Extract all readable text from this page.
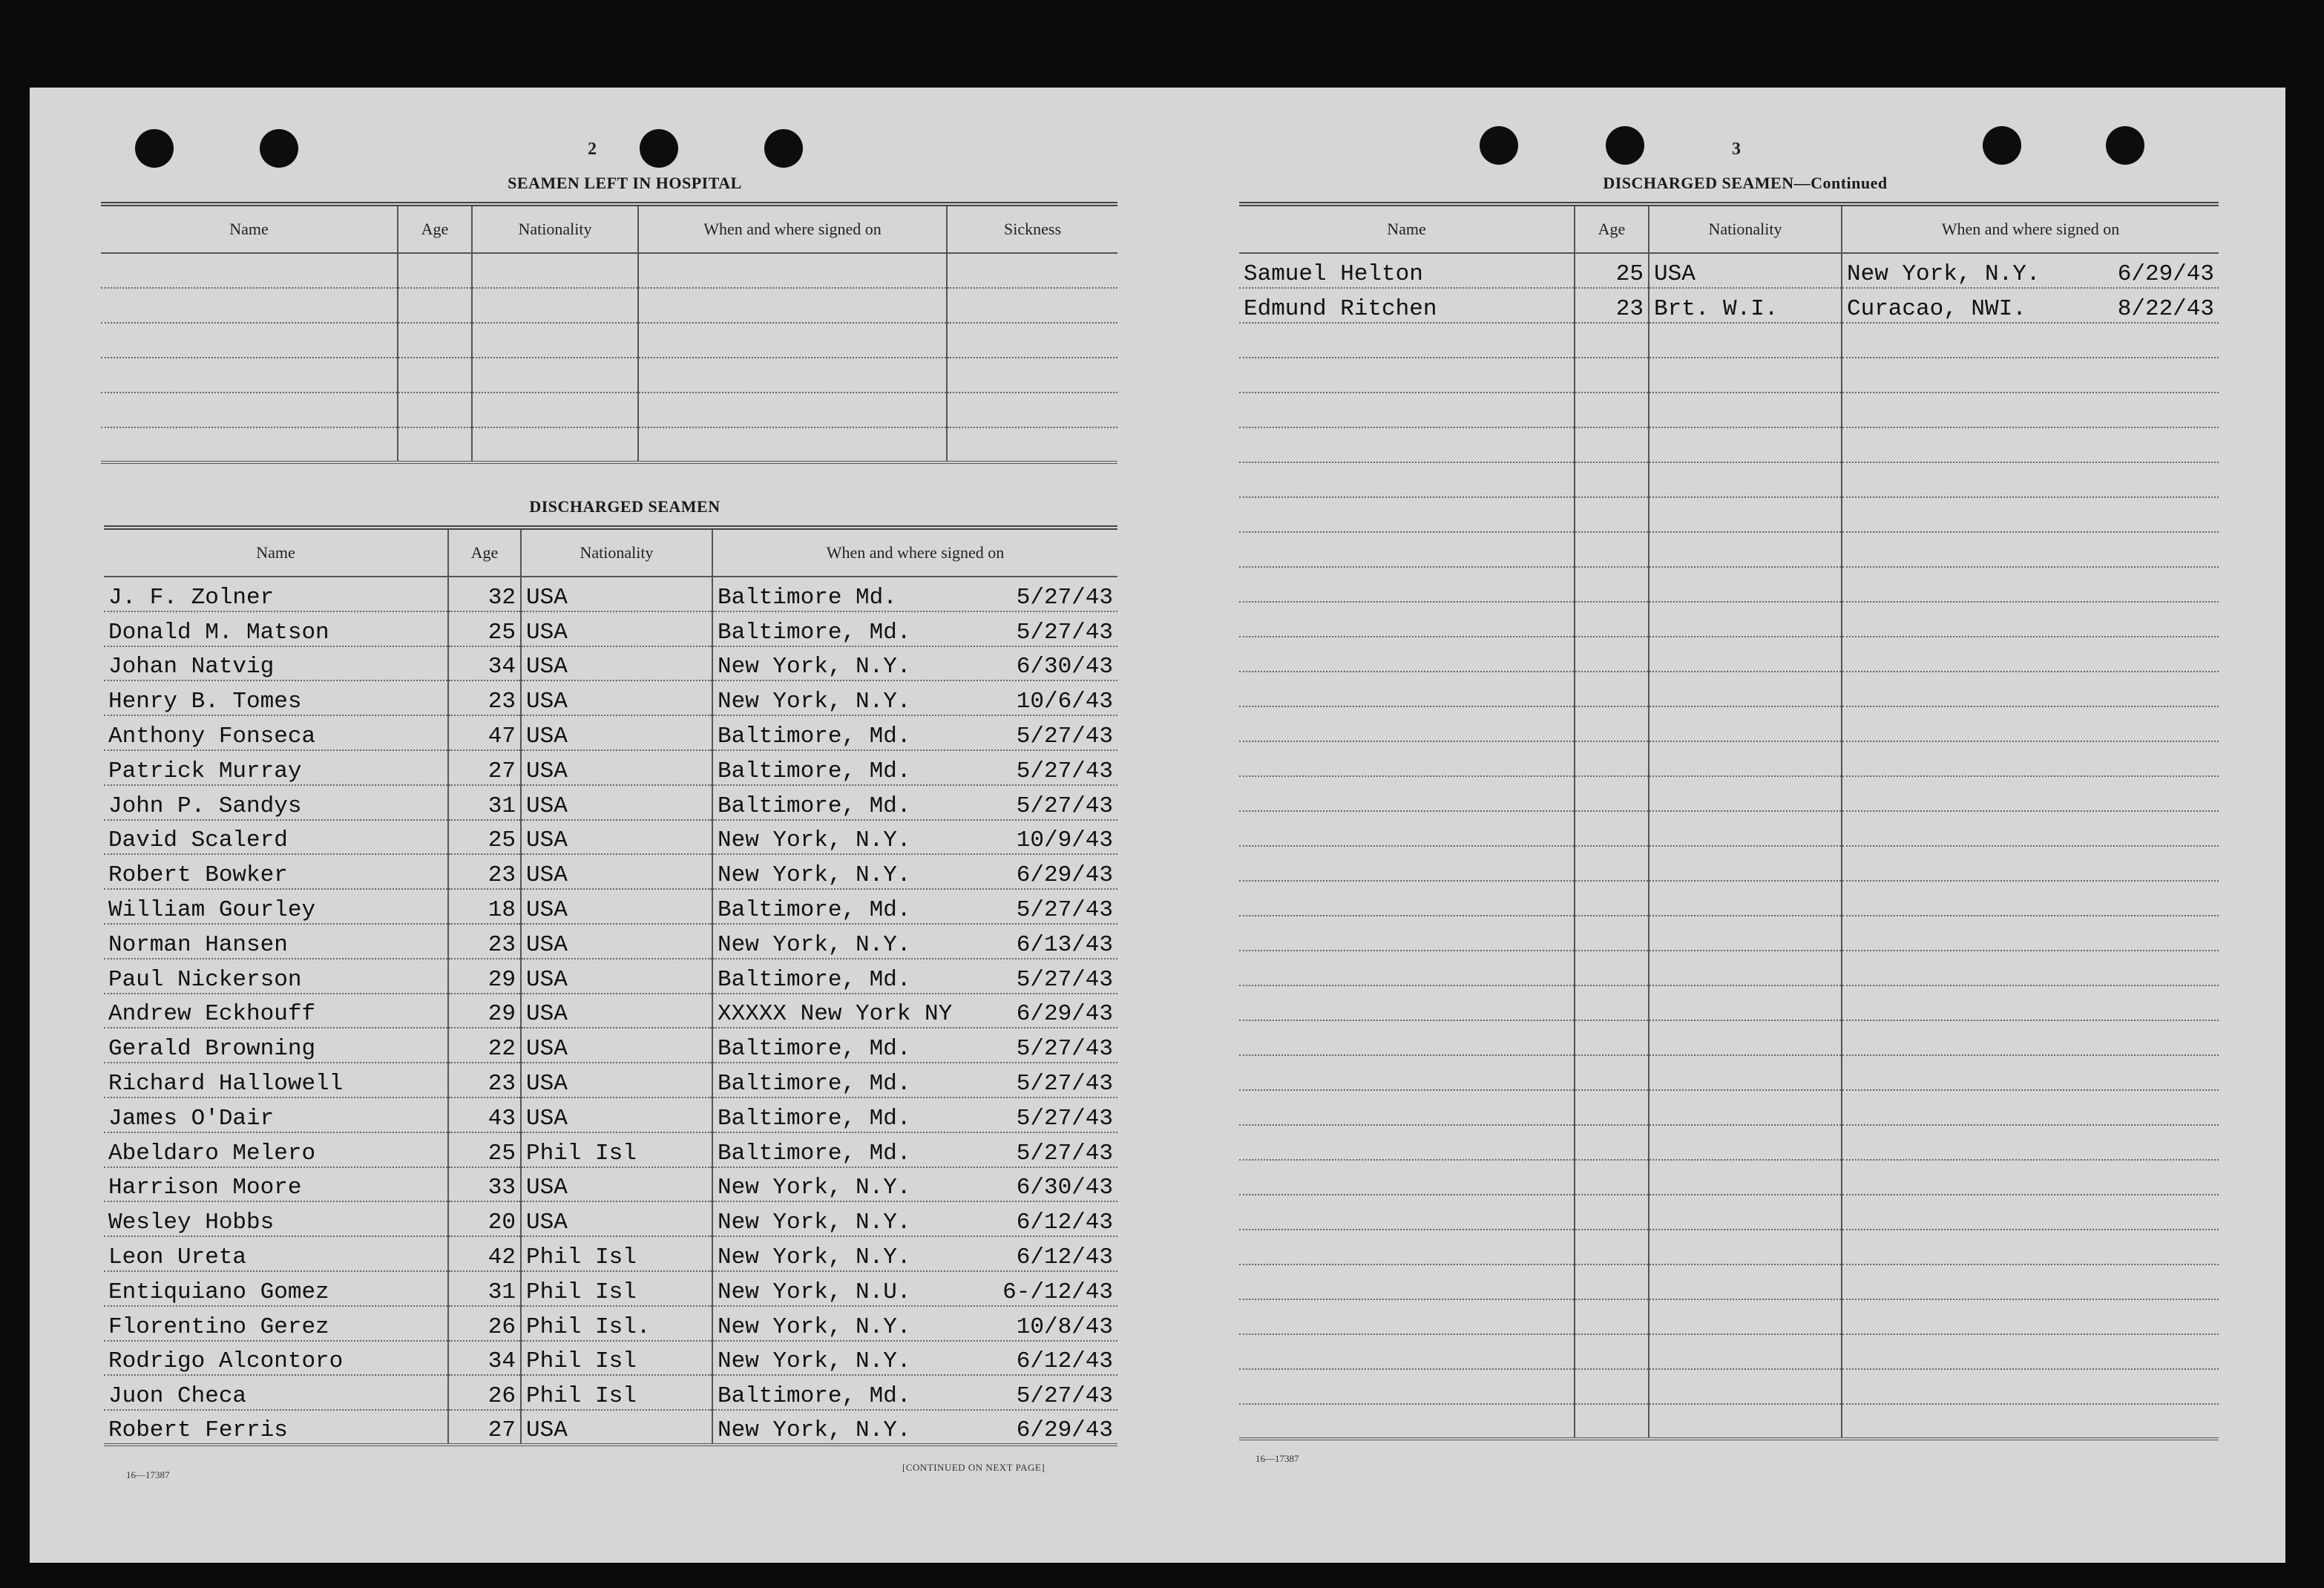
2
SEAMEN LEFT IN HOSPITAL
Name	Age	Nationality	When and where signed on	Sickness

DISCHARGED SEAMEN
Name	Age	Nationality	When and where signed on
J. F. Zolner	32	USA	Baltimore Md. 5/27/43

Donald M. Matson	25	USA	Baltimore, Md. 5/27/43

Johan Natvig	34	USA	New York, N.Y. 6/30/43

Henry B. Tomes	23	USA	New York, N.Y. 10/6/43

Anthony Fonseca	47	USA	Baltimore, Md. 5/27/43

Patrick Murray	27	USA	Baltimore, Md. 5/27/43

John P. Sandys	31	USA	Baltimore, Md. 5/27/43

David Scalerd	25	USA	New York, N.Y. 10/9/43

Robert Bowker	23	USA	New York, N.Y. 6/29/43

William Gourley	18	USA	Baltimore, Md. 5/27/43

Norman Hansen	23	USA	New York, N.Y. 6/13/43

Paul Nickerson	29	USA	Baltimore, Md. 5/27/43

Andrew Eckhouff	29	USA	XXXXX New York NY 6/29/43

Gerald Browning	22	USA	Baltimore, Md. 5/27/43

Richard Hallowell	23	USA	Baltimore, Md. 5/27/43

James O'Dair	43	USA	Baltimore, Md. 5/27/43

Abeldaro Melero	25	Phil Isl	Baltimore, Md. 5/27/43

Harrison Moore	33	USA	New York, N.Y. 6/30/43

Wesley Hobbs	20	USA	New York, N.Y. 6/12/43

Leon Ureta	42	Phil Isl	New York, N.Y. 6/12/43

Entiquiano Gomez	31	Phil Isl	New York, N.U. 6-/12/43

Florentino Gerez	26	Phil Isl.	New York, N.Y. 10/8/43

Rodrigo Alcontoro	34	Phil Isl	New York, N.Y. 6/12/43

Juon Checa	26	Phil Isl	Baltimore, Md. 5/27/43

Robert Ferris	27	USA	New York, N.Y. 6/29/43
16—17387
[CONTINUED ON NEXT PAGE]
3
DISCHARGED SEAMEN—Continued
Name	Age	Nationality	When and where signed on
Samuel Helton	25	USA	New York, N.Y. 6/29/43

Edmund Ritchen	23	Brt. W.I.	Curacao, NWI. 8/22/43

16—17387
